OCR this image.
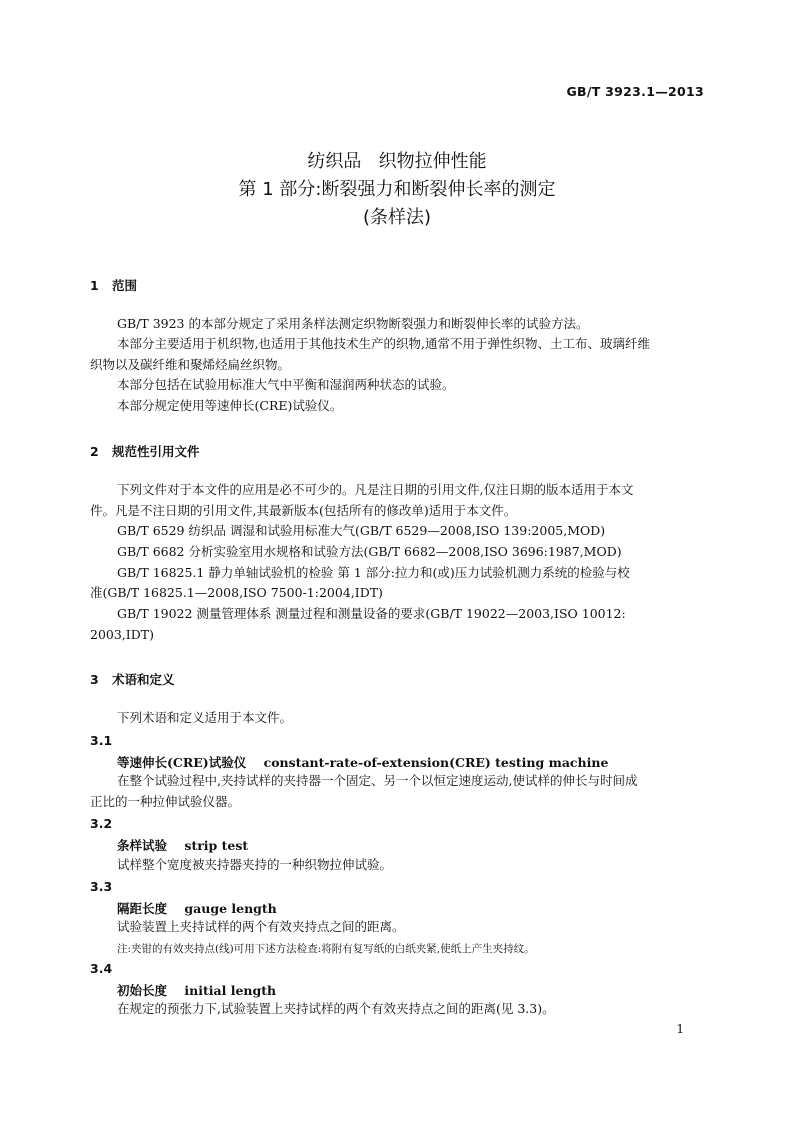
GB/T 3923.1—2013
纺织品   织物拉伸性能
第 1 部分:断裂强力和断裂伸长率的测定
(条样法)
1 范围
GB/T 3923 的本部分规定了采用条样法测定织物断裂强力和断裂伸长率的试验方法。
本部分主要适用于机织物,也适用于其他技术生产的织物,通常不用于弹性织物、土工布、玻璃纤维
织物以及碳纤维和聚烯烃扁丝织物。
本部分包括在试验用标准大气中平衡和湿润两种状态的试验。
本部分规定使用等速伸长(CRE)试验仪。
2 规范性引用文件
下列文件对于本文件的应用是必不可少的。凡是注日期的引用文件,仅注日期的版本适用于本文
件。凡是不注日期的引用文件,其最新版本(包括所有的修改单)适用于本文件。
GB/T 6529 纺织品 调湿和试验用标准大气(GB/T 6529—2008,ISO 139:2005,MOD)
GB/T 6682 分析实验室用水规格和试验方法(GB/T 6682—2008,ISO 3696:1987,MOD)
GB/T 16825.1 静力单轴试验机的检验 第 1 部分:拉力和(或)压力试验机测力系统的检验与校
准(GB/T 16825.1—2008,ISO 7500-1:2004,IDT)
GB/T 19022 测量管理体系 测量过程和测量设备的要求(GB/T 19022—2003,ISO 10012:
2003,IDT)
3 术语和定义
下列术语和定义适用于本文件。
3.1
等速伸长(CRE)试验仪    constant-rate-of-extension(CRE) testing machine
在整个试验过程中,夹持试样的夹持器一个固定、另一个以恒定速度运动,使试样的伸长与时间成
正比的一种拉伸试验仪器。
3.2
条样试验    strip test
试样整个宽度被夹持器夹持的一种织物拉伸试验。
3.3
隔距长度    gauge length
试验装置上夹持试样的两个有效夹持点之间的距离。
注:夹钳的有效夹持点(线)可用下述方法检查:将附有复写纸的白纸夹紧,使纸上产生夹持纹。
3.4
初始长度    initial length
在规定的预张力下,试验装置上夹持试样的两个有效夹持点之间的距离(见 3.3)。
1
